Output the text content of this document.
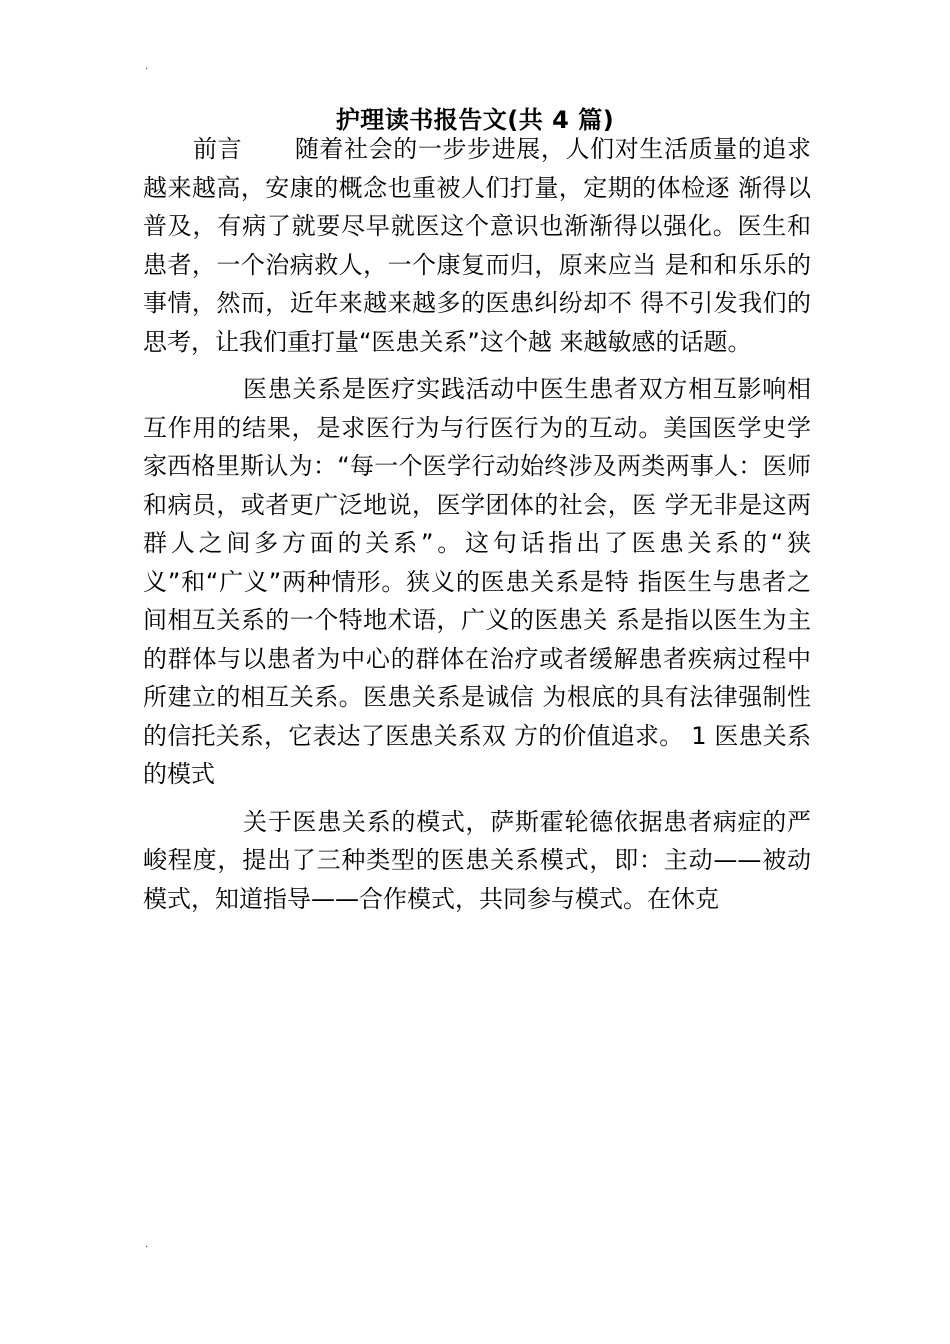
.
护理读书报告文(共 4 篇)

前言 随着社会的一步步进展，人们对生活质量的追求越来越高，安康的概念也重被人们打量，定期的体检逐 渐得以普及，有病了就要尽早就医这个意识也渐渐得以强化。医生和患者，一个治病救人，一个康复而归，原来应当 是和和乐乐的事情，然而，近年来越来越多的医患纠纷却不 得不引发我们的思考，让我们重打量“医患关系”这个越 来越敏感的话题。

医患关系是医疗实践活动中医生患者双方相互影响相互作用的结果，是求医行为与行医行为的互动。美国医学史学家西格里斯认为：“每一个医学行动始终涉及两类两事人：医师和病员，或者更广泛地说，医学团体的社会，医 学无非是这两群人之间多方面的关系”。这句话指出了医患关系的“狭义”和“广义”两种情形。狭义的医患关系是特 指医生与患者之间相互关系的一个特地术语，广义的医患关 系是指以医生为主的群体与以患者为中心的群体在治疗或者缓解患者疾病过程中所建立的相互关系。医患关系是诚信 为根底的具有法律强制性的信托关系，它表达了医患关系双 方的价值追求。 1 医患关系的模式

关于医患关系的模式，萨斯霍轮德依据患者病症的严峻程度，提出了三种类型的医患关系模式，即：主动——被动模式，知道指导——合作模式，共同参与模式。在休克

.
